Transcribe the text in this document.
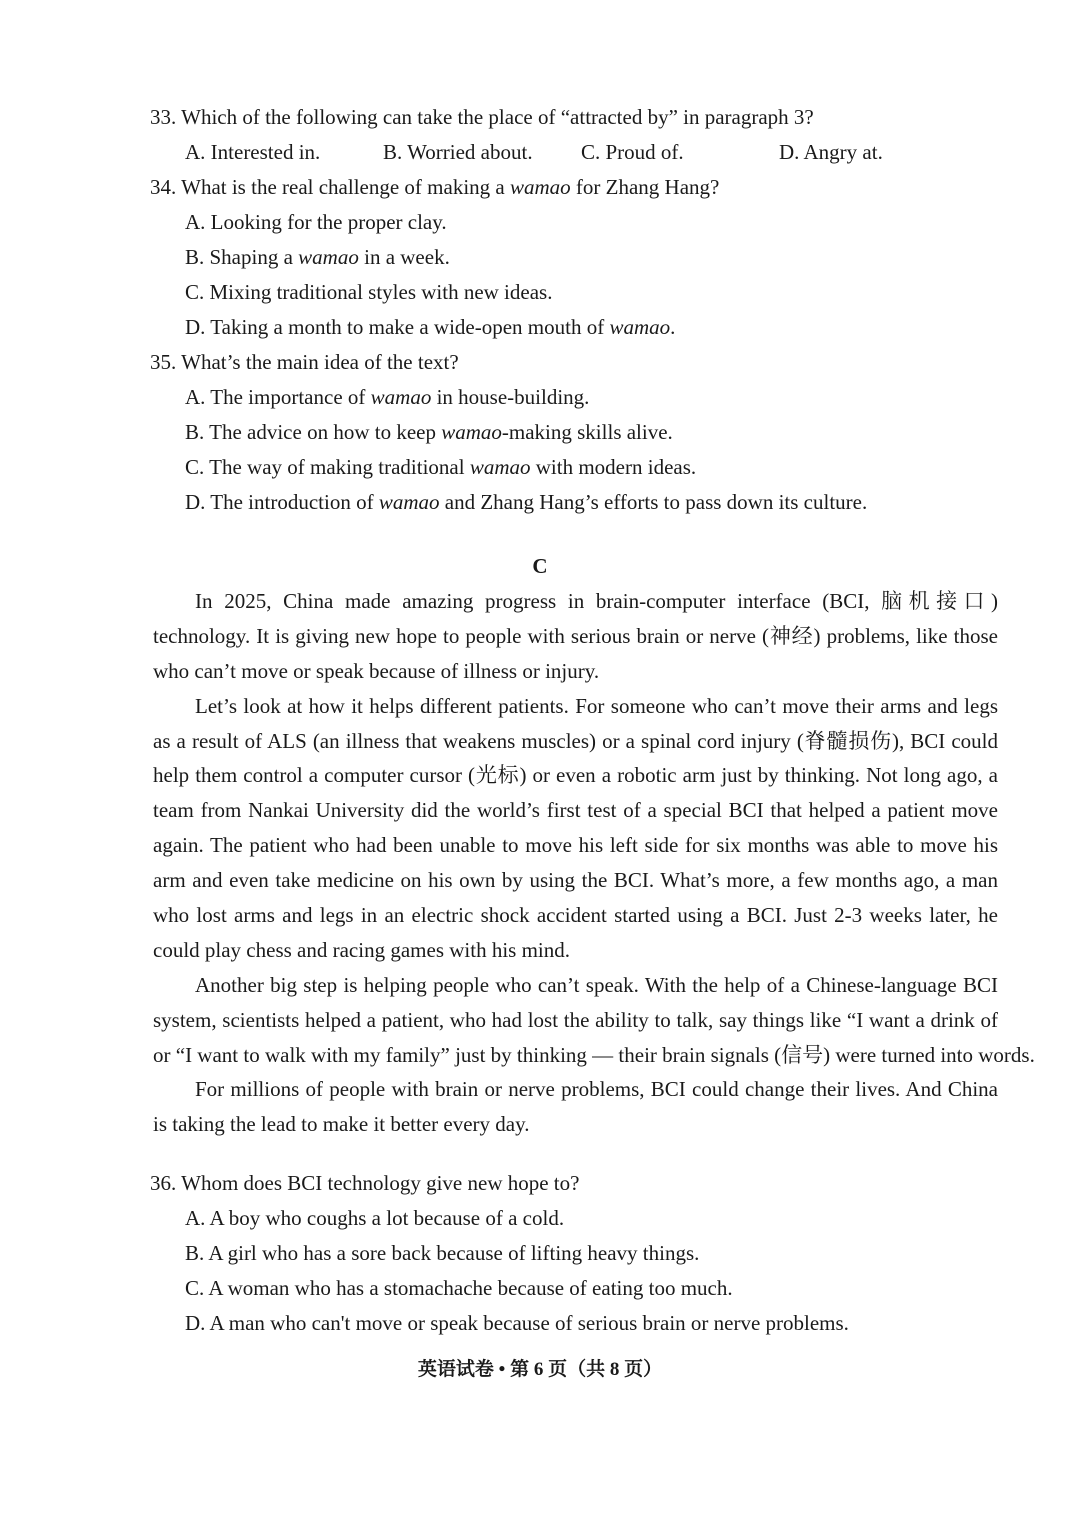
33. Which of the following can take the place of “attracted by” in paragraph 3?
A. Interested in.	B. Worried about.	C. Proud of.	D. Angry at.
34. What is the real challenge of making a wamao for Zhang Hang?
A. Looking for the proper clay.
B. Shaping a wamao in a week.
C. Mixing traditional styles with new ideas.
D. Taking a month to make a wide-open mouth of wamao.
35. What’s the main idea of the text?
A. The importance of wamao in house-building.
B. The advice on how to keep wamao-making skills alive.
C. The way of making traditional wamao with modern ideas.
D. The introduction of wamao and Zhang Hang’s efforts to pass down its culture.
C
In 2025, China made amazing progress in brain-computer interface (BCI, 脑机接口)
technology. It is giving new hope to people with serious brain or nerve (神经) problems, like those
who can’t move or speak because of illness or injury.
Let’s look at how it helps different patients. For someone who can’t move their arms and legs
as a result of ALS (an illness that weakens muscles) or a spinal cord injury (脊髓损伤), BCI could
help them control a computer cursor (光标) or even a robotic arm just by thinking. Not long ago, a
team from Nankai University did the world’s first test of a special BCI that helped a patient move
again. The patient who had been unable to move his left side for six months was able to move his
arm and even take medicine on his own by using the BCI. What’s more, a few months ago, a man
who lost arms and legs in an electric shock accident started using a BCI. Just 2-3 weeks later, he
could play chess and racing games with his mind.
Another big step is helping people who can’t speak. With the help of a Chinese-language BCI
system, scientists helped a patient, who had lost the ability to talk, say things like “I want a drink of
or “I want to walk with my family” just by thinking — their brain signals (信号) were turned into words.
For millions of people with brain or nerve problems, BCI could change their lives. And China
is taking the lead to make it better every day.
36. Whom does BCI technology give new hope to?
A. A boy who coughs a lot because of a cold.
B. A girl who has a sore back because of lifting heavy things.
C. A woman who has a stomachache because of eating too much.
D. A man who can't move or speak because of serious brain or nerve problems.
英语试卷 • 第 6 页（共 8 页）
